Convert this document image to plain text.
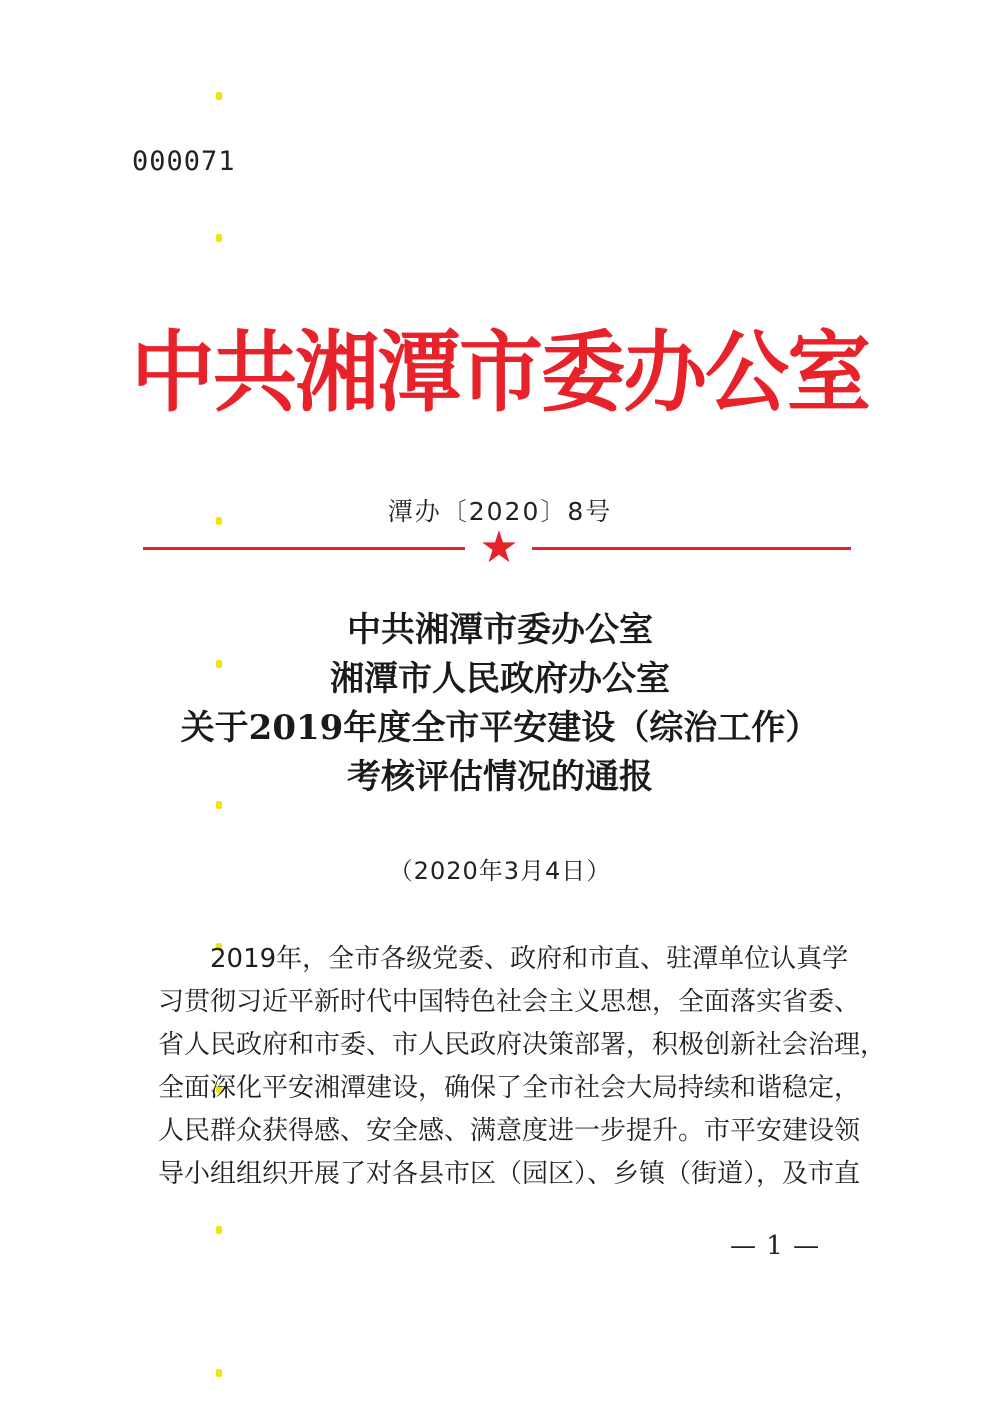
000071
中共湘潭市委办公室
潭办〔2020〕8号
★
中共湘潭市委办公室
湘潭市人民政府办公室
关于2019年度全市平安建设（综治工作）
考核评估情况的通报
（2020年3月4日）
2019年，全市各级党委、政府和市直、驻潭单位认真学
习贯彻习近平新时代中国特色社会主义思想，全面落实省委、
省人民政府和市委、市人民政府决策部署，积极创新社会治理，
全面深化平安湘潭建设，确保了全市社会大局持续和谐稳定，
人民群众获得感、安全感、满意度进一步提升。市平安建设领
导小组组织开展了对各县市区（园区）、乡镇（街道），及市直
— 1 —
